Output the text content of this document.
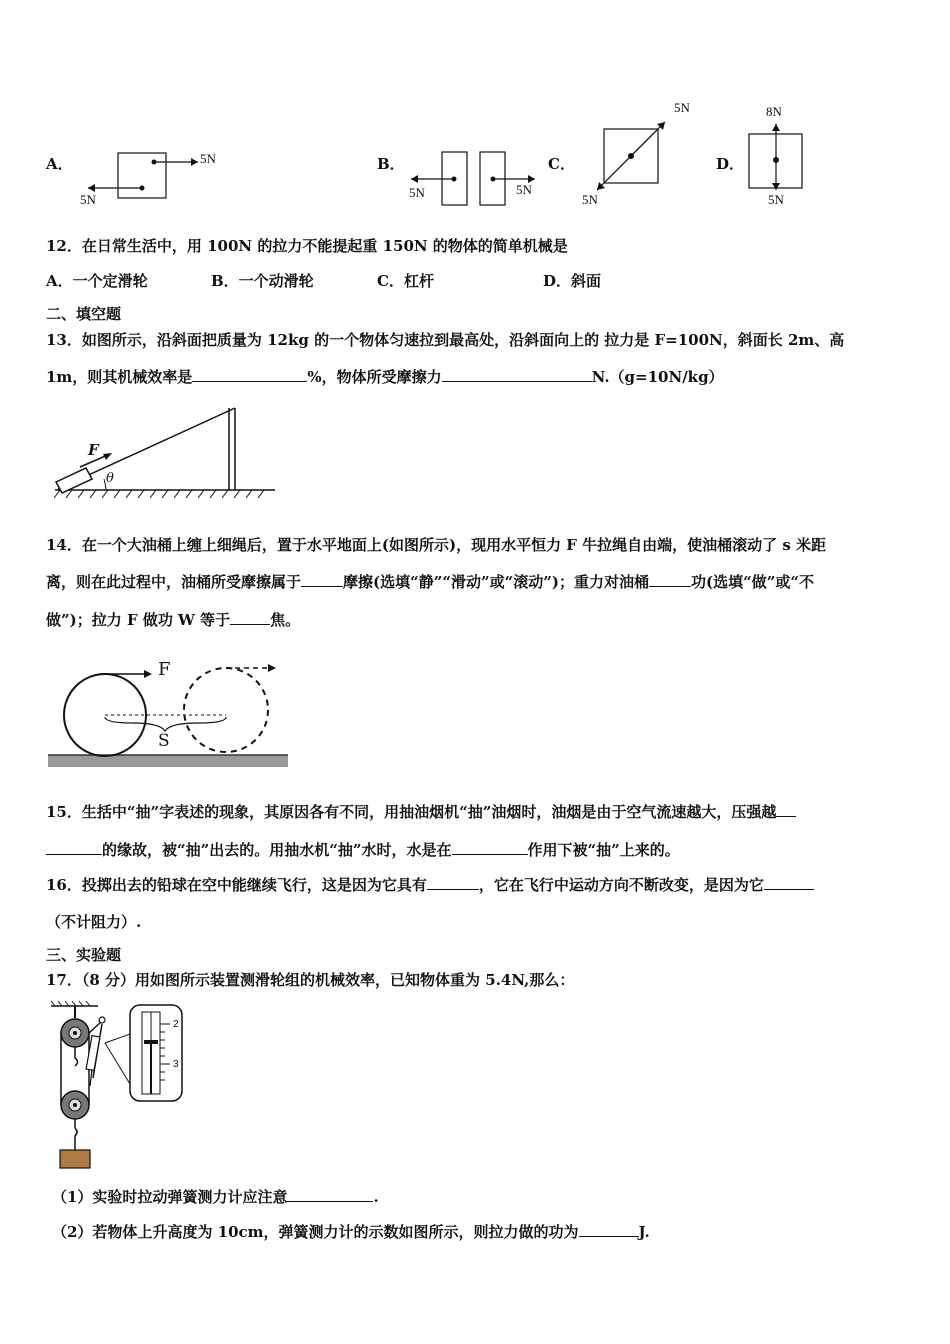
A．	5N
5N
B．
5N	5N
C．
5N
5N
D．
8N
5N
12．在日常生活中，用 100N 的拉力不能提起重 150N 的物体的简单机械是
A．一个定滑轮	B．一个动滑轮	C．杠杆	D．斜面
二、填空题
13．如图所示，沿斜面把质量为 12kg 的一个物体匀速拉到最高处，沿斜面向上的 拉力是 F=100N，斜面长 2m、高
1m，则其机械效率是	%，物体所受摩擦力	N.（g=10N/kg）
F
θ
14．在一个大油桶上缠上细绳后，置于水平地面上(如图所示)，现用水平恒力 F 牛拉绳自由端，使油桶滚动了 s 米距
离，则在此过程中，油桶所受摩擦属于	摩擦(选填“静”“滑动”或“滚动”)；重力对油桶	功(选填“做”或“不
做”)；拉力 F 做功 W 等于	焦。
F
S
15．生括中“抽”字表述的现象，其原因各有不同，用抽油烟机“抽”油烟时，油烟是由于空气流速越大，压强越
的缘故，被“抽”出去的。用抽水机“抽”水时，水是在	作用下被“抽”上来的。
16．投掷出去的铅球在空中能继续飞行，这是因为它具有	，它在飞行中运动方向不断改变，是因为它
（不计阻力）.
三、实验题
17．（8 分）用如图所示装置测滑轮组的机械效率，已知物体重为 5.4N,那么：
2
3
（1）实验时拉动弹簧测力计应注意	.
（2）若物体上升高度为 10cm，弹簧测力计的示数如图所示，则拉力做的功为	J.
